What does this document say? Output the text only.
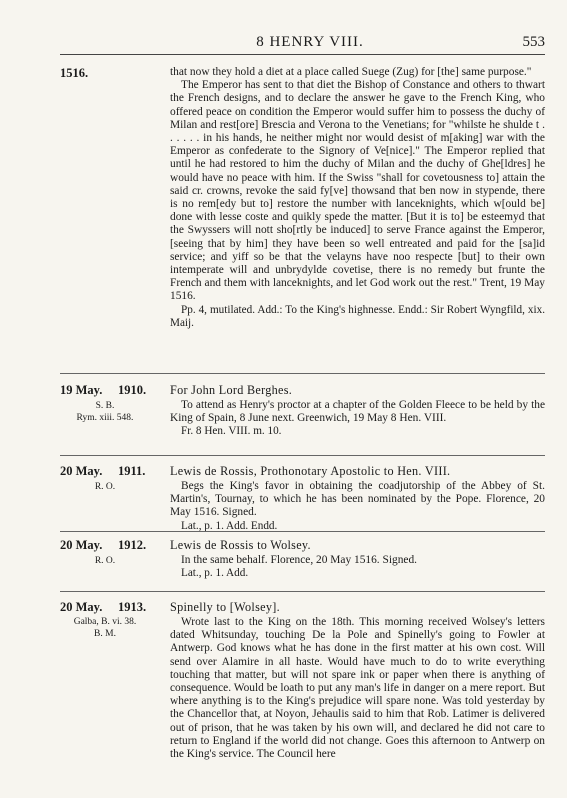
8 HENRY VIII.	553
1516.	that now they hold a diet at a place called Suege (Zug) for [the] same purpose."

The Emperor has sent to that diet the Bishop of Constance and others to thwart the French designs, and to declare the answer he gave to the French King, who offered peace on condition the Emperor would suffer him to possess the duchy of Milan and rest[ore] Brescia and Verona to the Venetians; for "whilste he shulde t . . . . . . in his hands, he neither might nor would desist of m[aking] war with the Emperor as confederate to the Signory of Ve[nice]." The Emperor replied that until he had restored to him the duchy of Milan and the duchy of Ghe[ldres] he would have no peace with him. If the Swiss "shall for covetousness to] attain the said cr. crowns, revoke the said fy[ve] thowsand that ben now in stypende, there is no rem[edy but to] restore the number with lanceknights, which w[ould be] done with lesse coste and quikly spede the matter. [But it is to] be esteemyd that the Swyssers will nott sho[rtly be induced] to serve France against the Emperor, [seeing that by him] they have been so well entreated and paid for the [sa]id service; and yiff so be that the velayns have noo respecte [but] to their own intemperate will and unbrydylde covetise, there is no remedy but frunte the French and them with lanceknights, and let God work out the rest." Trent, 19 May 1516.

Pp. 4, mutilated. Add.: To the King's highnesse. Endd.: Sir Robert Wyngfild, xix. Maij.

19 May. 1910.
S. B.
Rym. xiii. 548.
For John Lord Berghes.

To attend as Henry's proctor at a chapter of the Golden Fleece to be held by the King of Spain, 8 June next. Greenwich, 19 May 8 Hen. VIII.

Fr. 8 Hen. VIII. m. 10.

20 May. 1911.
R. O.
Lewis de Rossis, Prothonotary Apostolic to Hen. VIII.

Begs the King's favor in obtaining the coadjutorship of the Abbey of St. Martin's, Tournay, to which he has been nominated by the Pope. Florence, 20 May 1516. Signed.

Lat., p. 1. Add. Endd.

20 May. 1912.
R. O.
Lewis de Rossis to Wolsey.

In the same behalf. Florence, 20 May 1516. Signed.

Lat., p. 1. Add.

20 May. 1913.
Galba, B. vi. 38.
B. M.
Spinelly to [Wolsey].

Wrote last to the King on the 18th. This morning received Wolsey's letters dated Whitsunday, touching De la Pole and Spinelly's going to Fowler at Antwerp. God knows what he has done in the first matter at his own cost. Will send over Alamire in all haste. Would have much to do to write everything touching that matter, but will not spare ink or paper when there is anything of consequence. Would be loath to put any man's life in danger on a mere report. But where anything is to the King's prejudice will spare none. Was told yesterday by the Chancellor that, at Noyon, Jehaulis said to him that Rob. Latimer is delivered out of prison, that he was taken by his own will, and declared he did not care to return to England if the world did not change. Goes this afternoon to Antwerp on the King's service. The Council here
